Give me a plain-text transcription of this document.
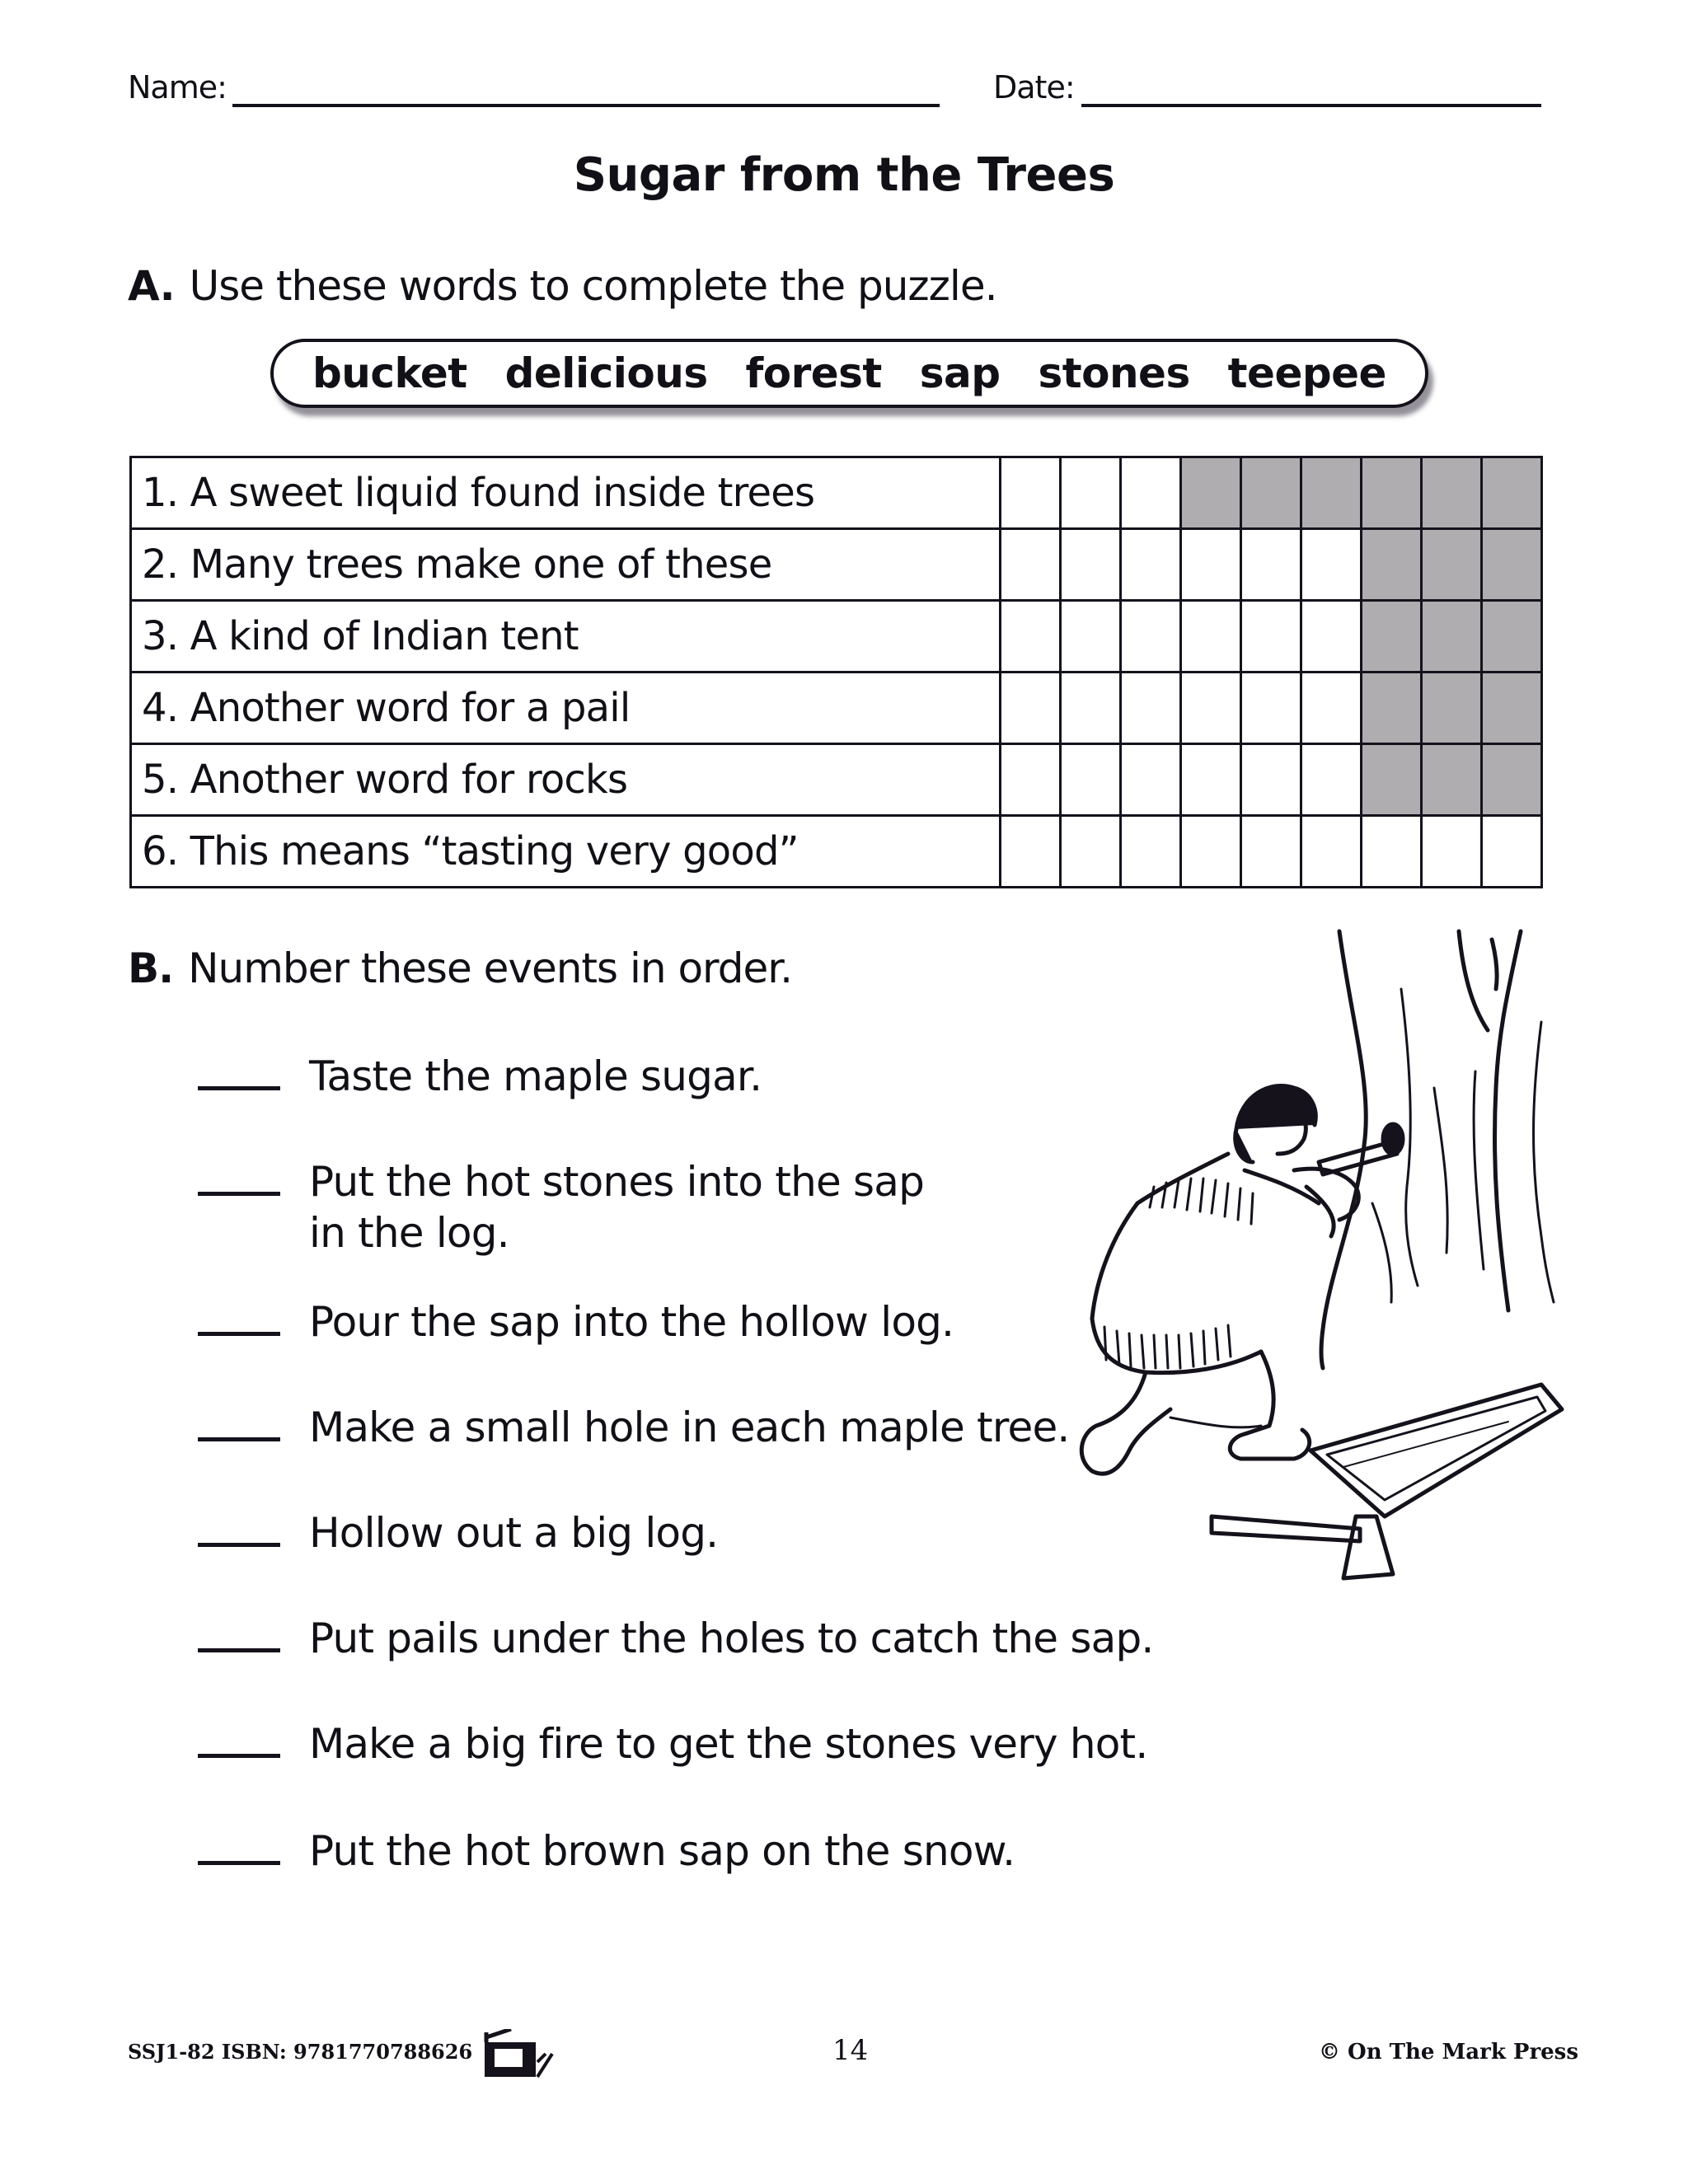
Name:	Date:
Sugar from the Trees
A. Use these words to complete the puzzle.
bucket delicious forest sap stones teepee
1. A sweet liquid found inside trees									
2. Many trees make one of these									
3. A kind of Indian tent									
4. Another word for a pail									
5. Another word for rocks									
6. This means “tasting very good”									
B. Number these events in order.
Taste the maple sugar.
Put the hot stones into the sap
in the log.
Pour the sap into the hollow log.
Make a small hole in each maple tree.
Hollow out a big log.
Put pails under the holes to catch the sap.
Make a big fire to get the stones very hot.
Put the hot brown sap on the snow.
SSJ1-82 ISBN: 9781770788626	14	© On The Mark Press
